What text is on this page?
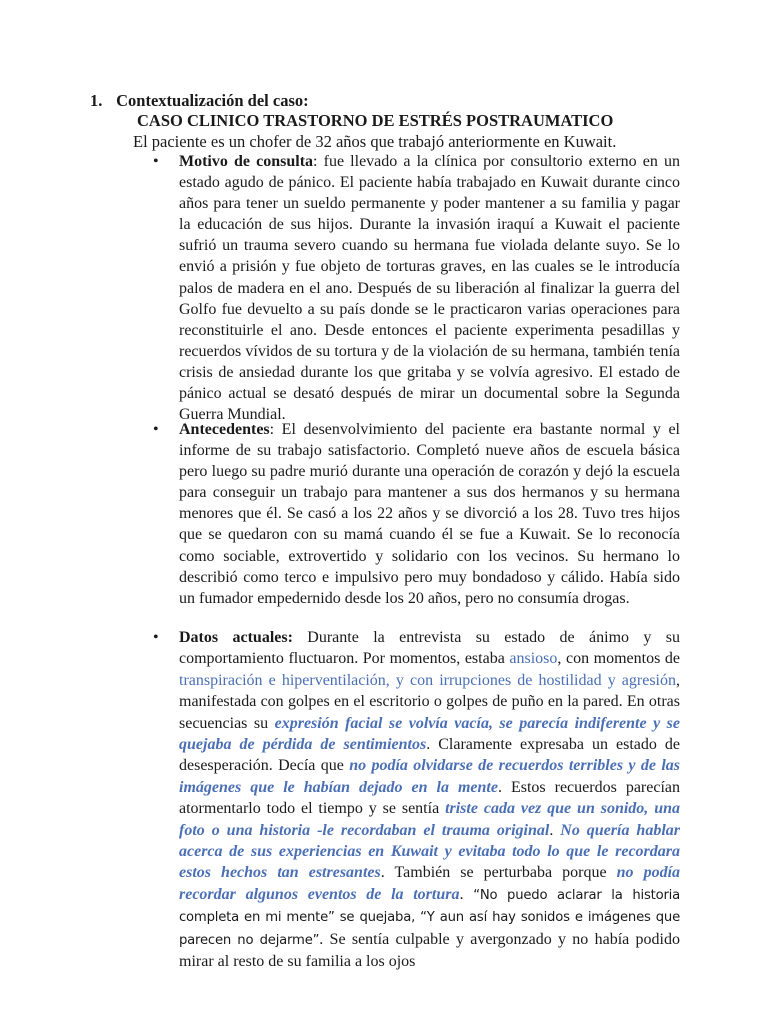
1. Contextualización del caso:
CASO CLINICO TRASTORNO DE ESTRÉS POSTRAUMATICO
El paciente es un chofer de 32 años que trabajó anteriormente en Kuwait.
• Motivo de consulta: fue llevado a la clínica por consultorio externo en un estado agudo de pánico. El paciente había trabajado en Kuwait durante cinco años para tener un sueldo permanente y poder mantener a su familia y pagar la educación de sus hijos. Durante la invasión iraquí a Kuwait el paciente sufrió un trauma severo cuando su hermana fue violada delante suyo. Se lo envió a prisión y fue objeto de torturas graves, en las cuales se le introducía palos de madera en el ano. Después de su liberación al finalizar la guerra del Golfo fue devuelto a su país donde se le practicaron varias operaciones para reconstituirle el ano. Desde entonces el paciente experimenta pesadillas y recuerdos vívidos de su tortura y de la violación de su hermana, también tenía crisis de ansiedad durante los que gritaba y se volvía agresivo. El estado de pánico actual se desató después de mirar un documental sobre la Segunda Guerra Mundial.
• Antecedentes: El desenvolvimiento del paciente era bastante normal y el informe de su trabajo satisfactorio. Completó nueve años de escuela básica pero luego su padre murió durante una operación de corazón y dejó la escuela para conseguir un trabajo para mantener a sus dos hermanos y su hermana menores que él. Se casó a los 22 años y se divorció a los 28. Tuvo tres hijos que se quedaron con su mamá cuando él se fue a Kuwait. Se lo reconocía como sociable, extrovertido y solidario con los vecinos. Su hermano lo describió como terco e impulsivo pero muy bondadoso y cálido. Había sido un fumador empedernido desde los 20 años, pero no consumía drogas.
• Datos actuales: Durante la entrevista su estado de ánimo y su comportamiento fluctuaron. Por momentos, estaba ansioso, con momentos de transpiración e hiperventilación, y con irrupciones de hostilidad y agresión, manifestada con golpes en el escritorio o golpes de puño en la pared. En otras secuencias su expresión facial se volvía vacía, se parecía indiferente y se quejaba de pérdida de sentimientos. Claramente expresaba un estado de desesperación. Decía que no podía olvidarse de recuerdos terribles y de las imágenes que le habían dejado en la mente. Estos recuerdos parecían atormentarlo todo el tiempo y se sentía triste cada vez que un sonido, una foto o una historia -le recordaban el trauma original. No quería hablar acerca de sus experiencias en Kuwait y evitaba todo lo que le recordara estos hechos tan estresantes. También se perturbaba porque no podía recordar algunos eventos de la tortura. “No puedo aclarar la historia completa en mi mente” se quejaba, “Y aun así hay sonidos e imágenes que parecen no dejarme”. Se sentía culpable y avergonzado y no había podido mirar al resto de su familia a los ojos
